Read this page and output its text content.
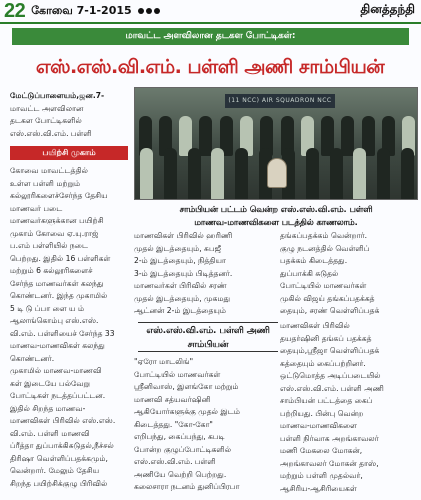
22 கோவை 7-1-2015	தினத்தந்தி
மாவட்ட அளவிலான தடகள போட்டிகள்:
எஸ்.எஸ்.வி.எம். பள்ளி அணி சாம்பியன்

மேட்டுப்பாளையம்,ஜன.7-

மாவட்ட அளவிலான

தடகள போட்டிகளில்

எஸ்.எஸ்.வி.எம். பள்ளி

பயிற்சி முகாம்

கோவை மாவட்டத்தில்

உள்ள பள்ளி மற்றும்

கல்லூரிகளைச்சேர்ந்த தேசிய

மாணவர் படை

மாணவர்களுக்கான பயிற்சி

முகாம் கோவை ஏ.யு.ராஜ்

ப.எம் பள்ளியில் நடை

பெற்றது. இதில் 16 பள்ளிகள்

மற்றும் 6 கல்லூரிகளைச்

சேர்ந்த மாணவர்கள் கலந்து

கொண்டனர். இந்த முகாமில்

5 டி டு ப்பா ளை ய ம்

ஆலாங்கொம்பு எஸ்.எஸ்.

வி.எம். பள்ளியைச் சேர்ந்த 33

மாணவ-மாணவிகள் கலந்து

கொண்டனர்.

முகாமில் மாணவ-மாணவி

கள் இடையே பல்வேறு

போட்டிகள் நடத்தப்பட்டன.

இதில் சிறந்த மாணவ-

மாணவிகள் பிரிவில் எஸ்.எஸ்.

வி.எம். பள்ளி மாணவி

ப்ரீத்தா துப்பாக்கிசுடுதல்,நீச்சல்

திரிஷா வெள்ளிப்பதக்கமும்,

வென்றார். மேலும் தேசிய

சிறந்த பயிற்சிக்குழு பிரிவில்

(11 NCC) AIR SQUADRON NCC

சாம்பியன் பட்டம் வென்ற எஸ்.எஸ்.வி.எம். பள்ளி

மாணவ-மாணவிகளை படத்தில் காணலாம்.

மாணவிகள் பிரிவில் ஹரிணி

முதல் இடத்தையும், சுபஜீ

2-ம் இடத்தையும், நித்தியா

3-ம் இடத்தையும் பிடித்தனர்.

மாணவர்கள் பிரிவில் சரண்

முதல் இடத்தையும், முகமது

ஆட்னன் 2-ம் இடத்தையும்

தங்கப்பதக்கம் வென்றார்.

குழு நடனத்தில் வெள்ளிப்

பதக்கம் கிடைத்தது.

துப்பாக்கி சுடுதல்

போட்டியில் மாணவர்கள்

முகில் விஜய் தங்கப்பதக்கத்

தையும், சரண் வெள்ளிப்பதக்

எஸ்.எஸ்.வி.எம். பள்ளி அணி சாம்பியன்

"ஏரோ மாடலிங்"

போட்டியில் மாணவர்கள்

ஸ்ரீனிவாஸ், இளங்கோ மற்றும்

மாணவி சத்யவர்ஷினி

ஆகியோர்களுக்கு முதல் இடம்

கிடைத்தது. "கோ-கோ"

எறிபந்து, கைப்பந்து, கபடி

போன்ற குழுப்போட்டிகளில்

எஸ்.எஸ்.வி.எம். பள்ளி

அணியே வெற்றி பெற்றது.

கலைசாரா நடனம் துனிப்பிரபா

மாணவிகள் பிரிவில்

தயதர்ஷினி தங்கப் பதக்கத்

தையும்,ஸ்ரீஜா வெள்ளிப்பதக்

கத்தையும் கைப்பற்றினர்.

ஒட்டுமொத்த அடிப்படையில்

எஸ்.எஸ்.வி.எம். பள்ளி அணி

சாம்பியன் பட்டத்தை கைப்

பற்றியது. பின்பு வென்ற

மாணவ-மாணவிகளை

பள்ளி நிர்வாக அறங்காவலர்

மணி மேகலை மோகன்,

அறங்காவலர் மோகன் தாஸ்,

மற்றும் பள்ளி முதல்வர்,

ஆசிரிய-ஆசிரியைகள்
